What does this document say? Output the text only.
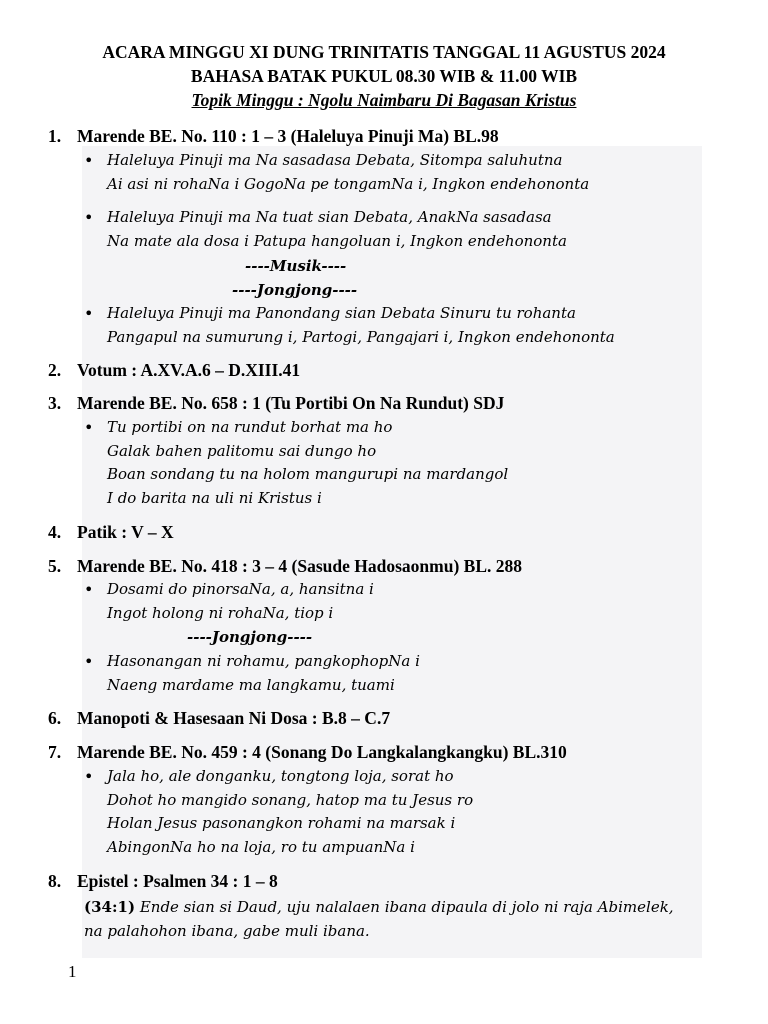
ACARA MINGGU XI DUNG TRINITATIS TANGGAL 11 AGUSTUS 2024
BAHASA BATAK PUKUL 08.30 WIB & 11.00 WIB
Topik Minggu : Ngolu Naimbaru Di Bagasan Kristus
1. Marende BE. No. 110 : 1 – 3 (Haleluya Pinuji Ma) BL.98
• Haleluya Pinuji ma Na sasadasa Debata, Sitompa saluhutna
Ai asi ni rohaNa i GogoNa pe tongamNa i, Ingkon endehononta
• Haleluya Pinuji ma Na tuat sian Debata, AnakNa sasadasa
Na mate ala dosa i Patupa hangoluan i, Ingkon endehononta
----Musik----
----Jongjong----
• Haleluya Pinuji ma Panondang sian Debata Sinuru tu rohanta
Pangapul na sumurung i, Partogi, Pangajari i, Ingkon endehononta
2. Votum : A.XV.A.6 – D.XIII.41
3. Marende BE. No. 658 : 1 (Tu Portibi On Na Rundut) SDJ
• Tu portibi on na rundut borhat ma ho
Galak bahen palitomu sai dungo ho
Boan sondang tu na holom mangurupi na mardangol
I do barita na uli ni Kristus i
4. Patik : V – X
5. Marende BE. No. 418 : 3 – 4 (Sasude Hadosaonmu) BL. 288
• Dosami do pinorsaNa, a, hansitna i
Ingot holong ni rohaNa, tiop i
----Jongjong----
• Hasonangan ni rohamu, pangkophopNa i
Naeng mardame ma langkamu, tuami
6. Manopoti & Hasesaan Ni Dosa : B.8 – C.7
7. Marende BE. No. 459 : 4 (Sonang Do Langkalangkangku) BL.310
• Jala ho, ale donganku, tongtong loja, sorat ho
Dohot ho mangido sonang, hatop ma tu Jesus ro
Holan Jesus pasonangkon rohami na marsak i
AbingonNa ho na loja, ro tu ampuanNa i
8. Epistel : Psalmen 34 : 1 – 8
(34:1) Ende sian si Daud, uju nalalaen ibana dipaula di jolo ni raja Abimelek,
na palahohon ibana, gabe muli ibana.
1
